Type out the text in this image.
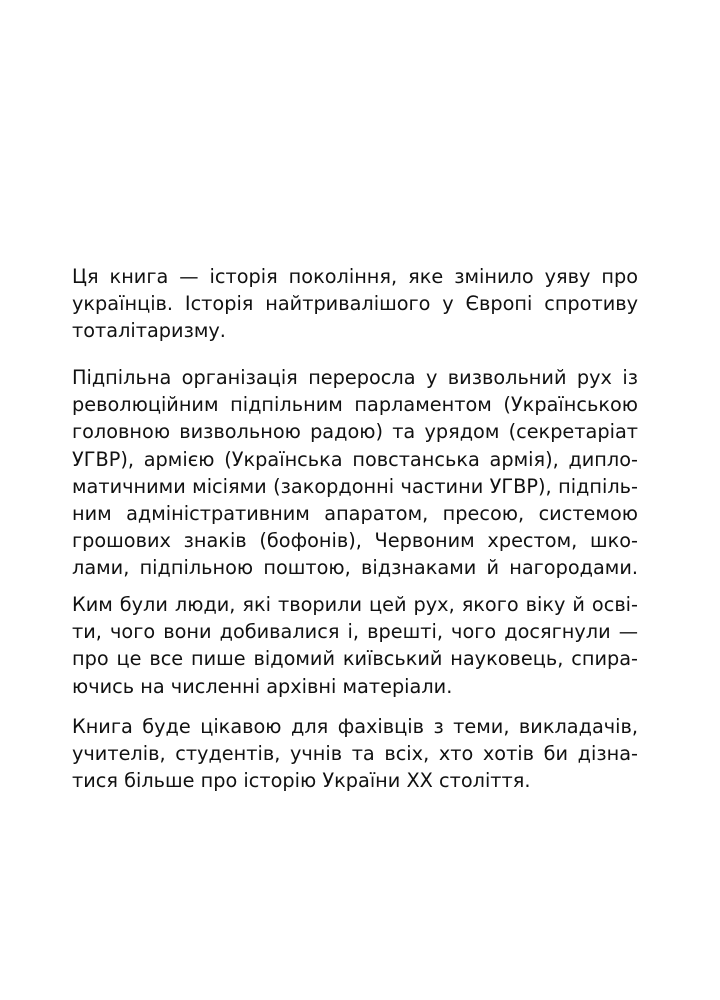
Ця книга — історія покоління, яке змінило уяву про
українців. Історія найтривалішого у Європі спротиву
тоталітаризму.

Підпільна організація переросла у визвольний рух із
революційним підпільним парламентом (Українською
головною визвольною радою) та урядом (секретаріат
УГВР), армією (Українська повстанська армія), дипло-
матичними місіями (закордонні частини УГВР), підпіль-
ним адміністративним апаратом, пресою, системою
грошових знаків (бофонів), Червоним хрестом, шко-
лами, підпільною поштою, відзнаками й нагородами.

Ким були люди, які творили цей рух, якого віку й осві-
ти, чого вони добивалися і, врешті, чого досягнули —
про це все пише відомий київський науковець, спира-
ючись на численні архівні матеріали.

Книга буде цікавою для фахівців з теми, викладачів,
учителів, студентів, учнів та всіх, хто хотів би дізна-
тися більше про історію України ХХ століття.
